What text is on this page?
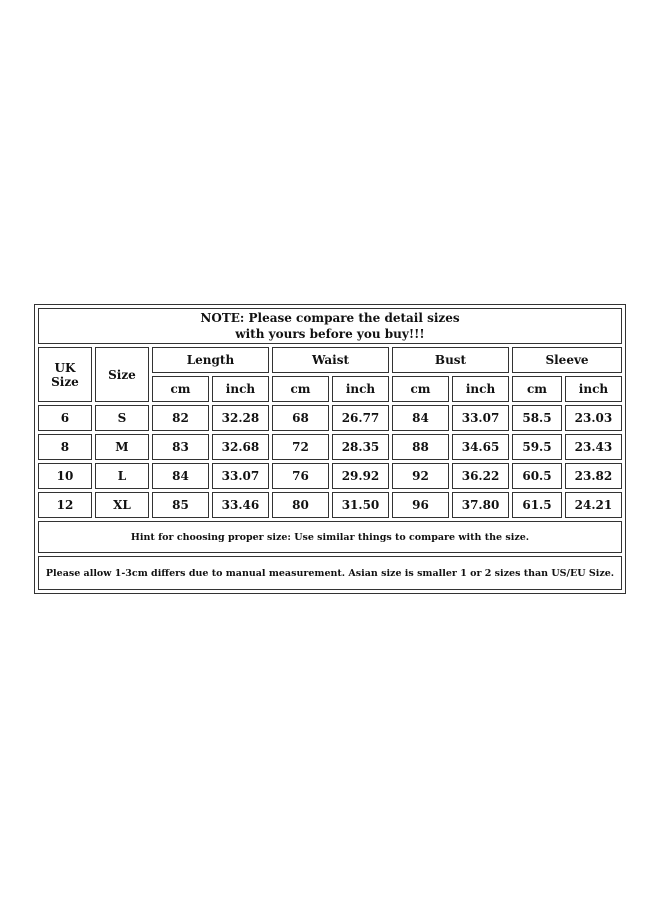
NOTE: Please compare the detail sizes
with yours before you buy!!!									

UK Size	Size	Length		Waist		Bust		Sleeve	
		cm	inch	cm	inch	cm	inch	cm	inch
6	S	82	32.28	68	26.77	84	33.07	58.5	23.03
8	M	83	32.68	72	28.35	88	34.65	59.5	23.43
10	L	84	33.07	76	29.92	92	36.22	60.5	23.82
12	XL	85	33.46	80	31.50	96	37.80	61.5	24.21
Hint for choosing proper size: Use similar things to compare with the size.									
Please allow 1-3cm differs due to manual measurement. Asian size is smaller 1 or 2 sizes than US/EU Size.									
